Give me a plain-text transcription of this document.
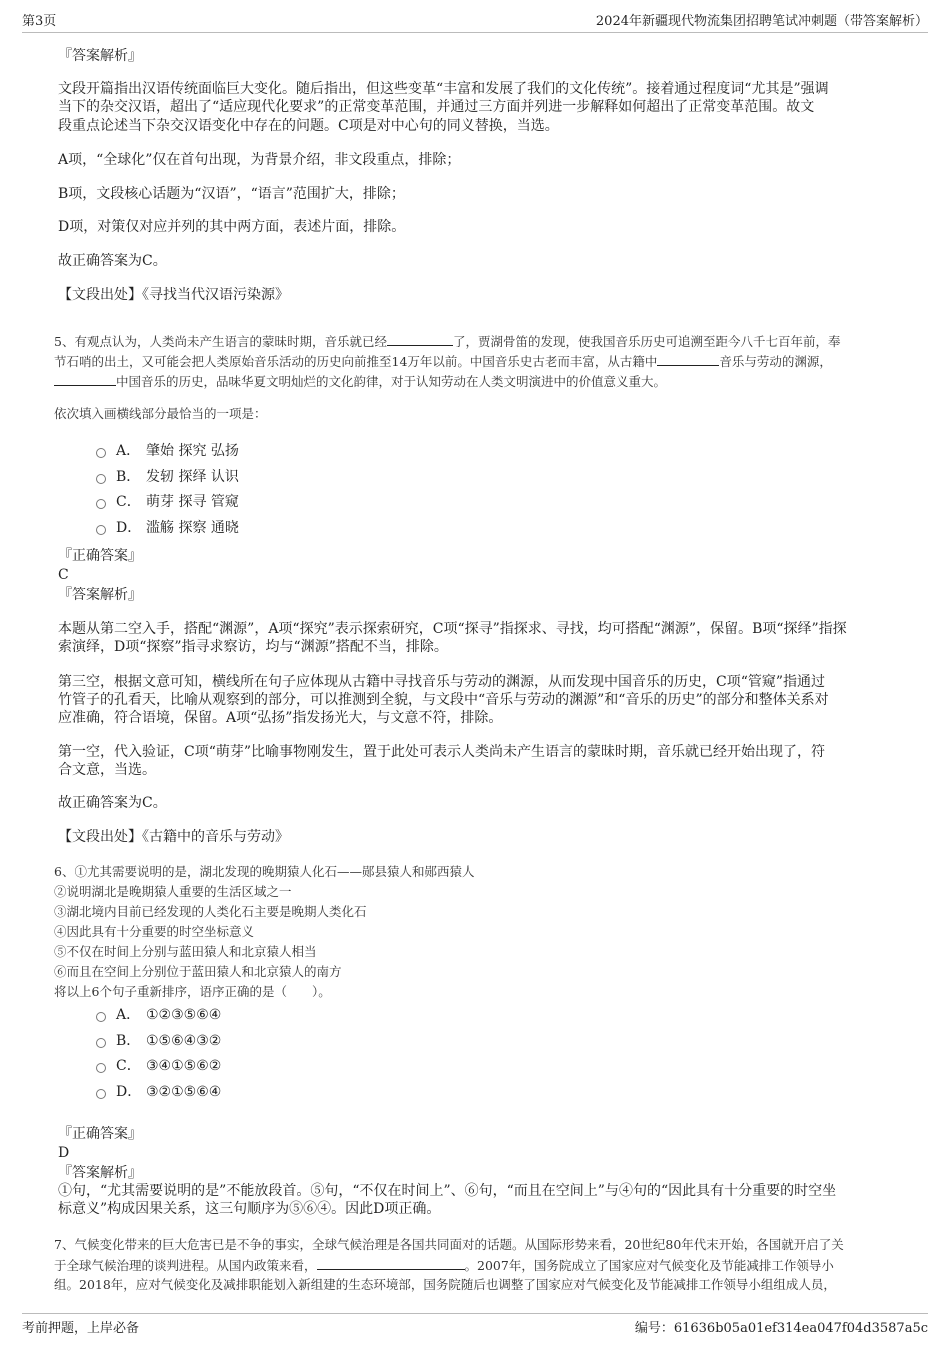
第3页	2024年新疆现代物流集团招聘笔试冲刺题（带答案解析）
『答案解析』
文段开篇指出汉语传统面临巨大变化。随后指出，但这些变革“丰富和发展了我们的文化传统”。接着通过程度词“尤其是”强调
当下的杂交汉语，超出了“适应现代化要求”的正常变革范围，并通过三方面并列进一步解释如何超出了正常变革范围。故文
段重点论述当下杂交汉语变化中存在的问题。C项是对中心句的同义替换，当选。
A项，“全球化”仅在首句出现，为背景介绍，非文段重点，排除；
B项，文段核心话题为“汉语”，“语言”范围扩大，排除；
D项，对策仅对应并列的其中两方面，表述片面，排除。
故正确答案为C。
【文段出处】《寻找当代汉语污染源》
5、有观点认为，人类尚未产生语言的蒙昧时期，音乐就已经	了，贾湖骨笛的发现，使我国音乐历史可追溯至距今八千七百年前，奉
节石哨的出土，又可能会把人类原始音乐活动的历史向前推至14万年以前。中国音乐史古老而丰富，从古籍中	音乐与劳动的渊源，
中国音乐的历史，品味华夏文明灿烂的文化韵律，对于认知劳动在人类文明演进中的价值意义重大。
依次填入画横线部分最恰当的一项是：
A． 肇始 探究 弘扬
B． 发轫 探绎 认识
C． 萌芽 探寻 管窥
D． 滥觞 探察 通晓
『正确答案』
C
『答案解析』
本题从第二空入手，搭配“渊源”，A项“探究”表示探索研究，C项“探寻”指探求、寻找，均可搭配“渊源”，保留。B项“探绎”指探
索演绎，D项“探察”指寻求察访，均与“渊源”搭配不当，排除。
第三空，根据文意可知，横线所在句子应体现从古籍中寻找音乐与劳动的渊源，从而发现中国音乐的历史，C项“管窥”指通过
竹管子的孔看天，比喻从观察到的部分，可以推测到全貌，与文段中“音乐与劳动的渊源”和“音乐的历史”的部分和整体关系对
应准确，符合语境，保留。A项“弘扬”指发扬光大，与文意不符，排除。
第一空，代入验证，C项“萌芽”比喻事物刚发生，置于此处可表示人类尚未产生语言的蒙昧时期，音乐就已经开始出现了，符
合文意，当选。
故正确答案为C。
【文段出处】《古籍中的音乐与劳动》
6、①尤其需要说明的是，湖北发现的晚期猿人化石——郧县猿人和郧西猿人
②说明湖北是晚期猿人重要的生活区域之一
③湖北境内目前已经发现的人类化石主要是晚期人类化石
④因此具有十分重要的时空坐标意义
⑤不仅在时间上分别与蓝田猿人和北京猿人相当
⑥而且在空间上分别位于蓝田猿人和北京猿人的南方
将以上6个句子重新排序，语序正确的是（　　）。
A． ①②③⑤⑥④
B． ①⑤⑥④③②
C． ③④①⑤⑥②
D． ③②①⑤⑥④
『正确答案』
D
『答案解析』
①句，“尤其需要说明的是”不能放段首。⑤句，“不仅在时间上”、⑥句，“而且在空间上”与④句的“因此具有十分重要的时空坐
标意义”构成因果关系，这三句顺序为⑤⑥④。因此D项正确。
7、气候变化带来的巨大危害已是不争的事实，全球气候治理是各国共同面对的话题。从国际形势来看，20世纪80年代末开始，各国就开启了关
于全球气候治理的谈判进程。从国内政策来看，	。2007年，国务院成立了国家应对气候变化及节能减排工作领导小
组。2018年，应对气候变化及减排职能划入新组建的生态环境部，国务院随后也调整了国家应对气候变化及节能减排工作领导小组组成人员，
考前押题，上岸必备	编号：61636b05a01ef314ea047f04d3587a5c
